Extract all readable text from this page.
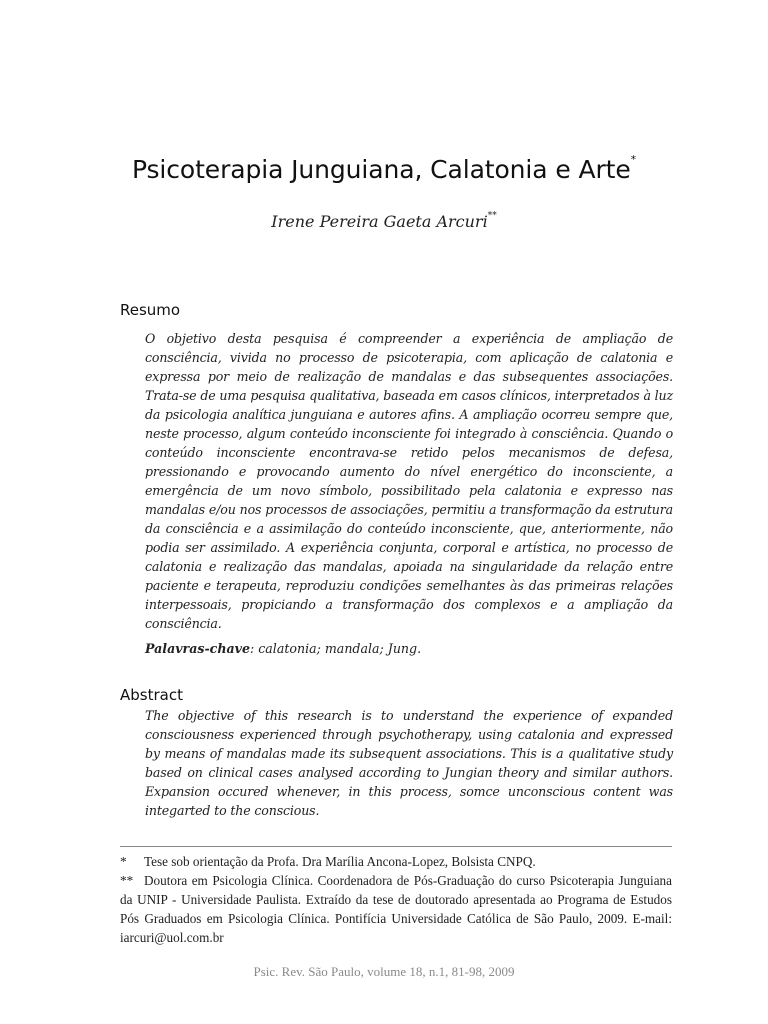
Psicoterapia Junguiana, Calatonia e Arte*
Irene Pereira Gaeta Arcuri**
Resumo
O objetivo desta pesquisa é compreender a experiência de ampliação de consciência, vivida no processo de psicoterapia, com aplicação de calatonia e expressa por meio de realização de mandalas e das subsequentes associações. Trata-se de uma pesquisa qualitativa, baseada em casos clínicos, interpretados à luz da psicologia analítica junguiana e autores afins. A ampliação ocorreu sempre que, neste processo, algum conteúdo inconsciente foi integrado à consciência. Quando o conteúdo inconsciente encontrava-se retido pelos mecanismos de defesa, pressionando e provocando aumento do nível energético do inconsciente, a emergência de um novo símbolo, possibilitado pela calatonia e expresso nas mandalas e/ou nos processos de associações, permitiu a transformação da estrutura da consciência e a assimilação do conteúdo inconsciente, que, anteriormente, não podia ser assimilado. A experiência conjunta, corporal e artística, no processo de calatonia e realização das mandalas, apoiada na singularidade da relação entre paciente e terapeuta, reproduziu condições semelhantes às das primeiras relações interpessoais, propiciando a transformação dos complexos e a ampliação da consciência.
Palavras-chave: calatonia; mandala; Jung.
Abstract
The objective of this research is to understand the experience of expanded consciousness experienced through psychotherapy, using catalonia and expressed by means of mandalas made its subsequent associations. This is a qualitative study based on clinical cases analysed according to Jungian theory and similar authors. Expansion occured whenever, in this process, somce unconscious content was integarted to the conscious.
* Tese sob orientação da Profa. Dra Marília Ancona-Lopez, Bolsista CNPQ.
** Doutora em Psicologia Clínica. Coordenadora de Pós-Graduação do curso Psicoterapia Junguiana da UNIP - Universidade Paulista. Extraído da tese de doutorado apresentada ao Programa de Estudos Pós Graduados em Psicologia Clínica. Pontifícia Universidade Católica de São Paulo, 2009. E-mail: iarcuri@uol.com.br
Psic. Rev. São Paulo, volume 18, n.1, 81-98, 2009
